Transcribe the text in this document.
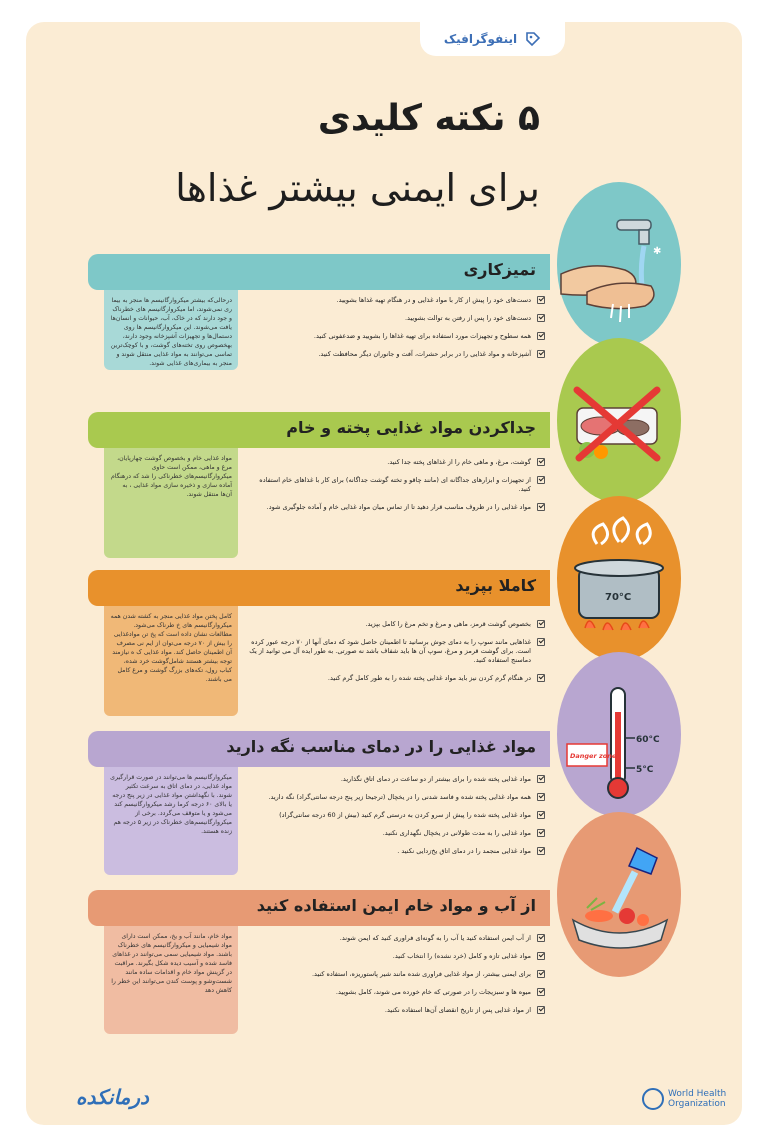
اینفوگرافیک
۵ نکته کلیدی
برای ایمنی بیشتر غذاها
درحالی‌که بیشتر میکروارگانیسم ها منجر به بیما ری نمی‌شوند، اما میکروارگانیسم های خطرناک و جود دارند که در خاک، آب، حیوانات و انسان‌ها یافت می‌شوند. این میکروارگانیسم ها روی دستمال‌ها و تجهیزات آشپزخانه وجود دارند، بهخصوص روی تخته‌های گوشت، و با کوچک‌ترین تماسی می‌توانند به مواد غذایی منتقل شوند و منجر به بیماری‌های غذایی شوند.
تمیزکاری
دست‌های خود را پیش از کار با مواد غذایی و در هنگام تهیه غذاها بشویید.
دست‌های خود را پس از رفتن به توالت بشویید.
همه سطوح و تجهیزات مورد استفاده برای تهیه غذاها را بشویید و ضدعفونی کنید.
آشپزخانه و مواد غذایی را در برابر حشرات، آفت و جانوران دیگر محافظت کنید.
مواد غذایی خام و بخصوص گوشت چهارپایان، مرغ و ماهی، ممکن است حاوی میکروارگانیسم‌های خطرناکی را شد که درهنگام آماده سازی و ذخیره سازی مواد غذایی ، به آن‌ها منتقل شوند.
جداکردن مواد غذایی پخته و خام
گوشت، مرغ، و ماهی خام را از غذاهای پخته جدا کنید.
از تجهیزات و ابزارهای جداگانه ای (مانند چاقو و تخته گوشت جداگانه) برای کار با غذاهای خام استفاده کنید.
مواد غذایی را در ظروف مناسب قرار دهید تا از تماس میان مواد غذایی خام و آماده جلوگیری شود.
کامل پختن مواد غذایی منجر به کشته شدن همه میکروارگانیسم های خ طرناک می‌شود. مطالعات نشان داده است که پخ تن موادغذایی را بیش از ۷۰ درجه می‌توان از ایم نی مصرف آن اطمینان حاصل کند. مواد غذایی ک ه نیازمند توجه بیشتر هستند شامل‌گوشت خرد شده، کباب رول، تکه‌های بزرگ گوشت و مرغ کامل می باشند.
کاملا بپزید
بخصوص گوشت قرمز، ماهی و مرغ و تخم مرغ را کامل بپزید.
غذاهایی مانند سوپ را به دمای جوش برسانید تا اطمینان حاصل شود که دمای آنها از ۷۰ درجه عبور کرده است. برای گوشت قرمز و مرغ، سوپ آن ها باید شفاف باشد نه صورتی. به طور ایده آل می توانید از یک دماسنج استفاده کنید.
در هنگام گرم کردن نیز باید مواد غذایی پخته شده را به طور کامل گرم کنید.
میکروارگانیسم ها می‌توانند در صورت قرارگیری مواد غذایی، در دمای اتاق به سرعت تکثیر شوند. با نگهداشتن مواد غذایی در زیر پنج درجه یا بالای ۶۰ درجه کرما رشد میکروارگانیسم کند می‌شود و یا متوقف می‌گردد. برخی از میکروارگانیسم‌های خطرناک در زیر ۵ درجه هم زنده هستند.
مواد غذایی را در دمای مناسب نگه دارید
مواد غذایی پخته شده را برای بیشتر از دو ساعت در دمای اتاق نگذارید.
همه مواد غذایی پخته شده و فاسد شدنی را در یخچال (ترجیحا زیر پنج درجه سانتی‌گراد) نگه دارید.
مواد غذایی پخته شده را پیش از سرو کردن به درستی گرم کنید (بیش از 60 درجه سانتی‌گراد)
مواد غذایی را به مدت طولانی در یخچال نگهداری نکنید.
مواد غذایی منجمد را در دمای اتاق یخ‌زدایی نکنید .
مواد خام، مانند آب و یخ، ممکن است دارای مواد شیمیایی و میکروارگانیسم های خطرناک باشند. مواد شیمیایی سمی می‌توانند در غذاهای فاسد شده و آسیب دیده شکل بگیرند. مراقبت در گزینش مواد خام و اقدامات ساده مانند شست‌وشو و پوست کندن می‌توانند این خطر را کاهش دهد
از آب و مواد خام ایمن استفاده کنید
از آب ایمن استفاده کنید یا آب را به گونه‌ای فراوری کنید که ایمن شوند.
مواد غذایی تازه و کامل (خرد نشده) را انتخاب کنید.
برای ایمنی بیشتر، از مواد غذایی فراوری شده مانند شیر پاستوریزه، استفاده کنید.
میوه ها و سبزیجات را در صورتی که خام خورده می شوند، کامل بشویید.
از مواد غذایی پس از تاریخ انقضای آن‌ها استفاده نکنید.
✱
70°C
60°C
5°C
Danger zone!
درمانکده	World Health
Organization
